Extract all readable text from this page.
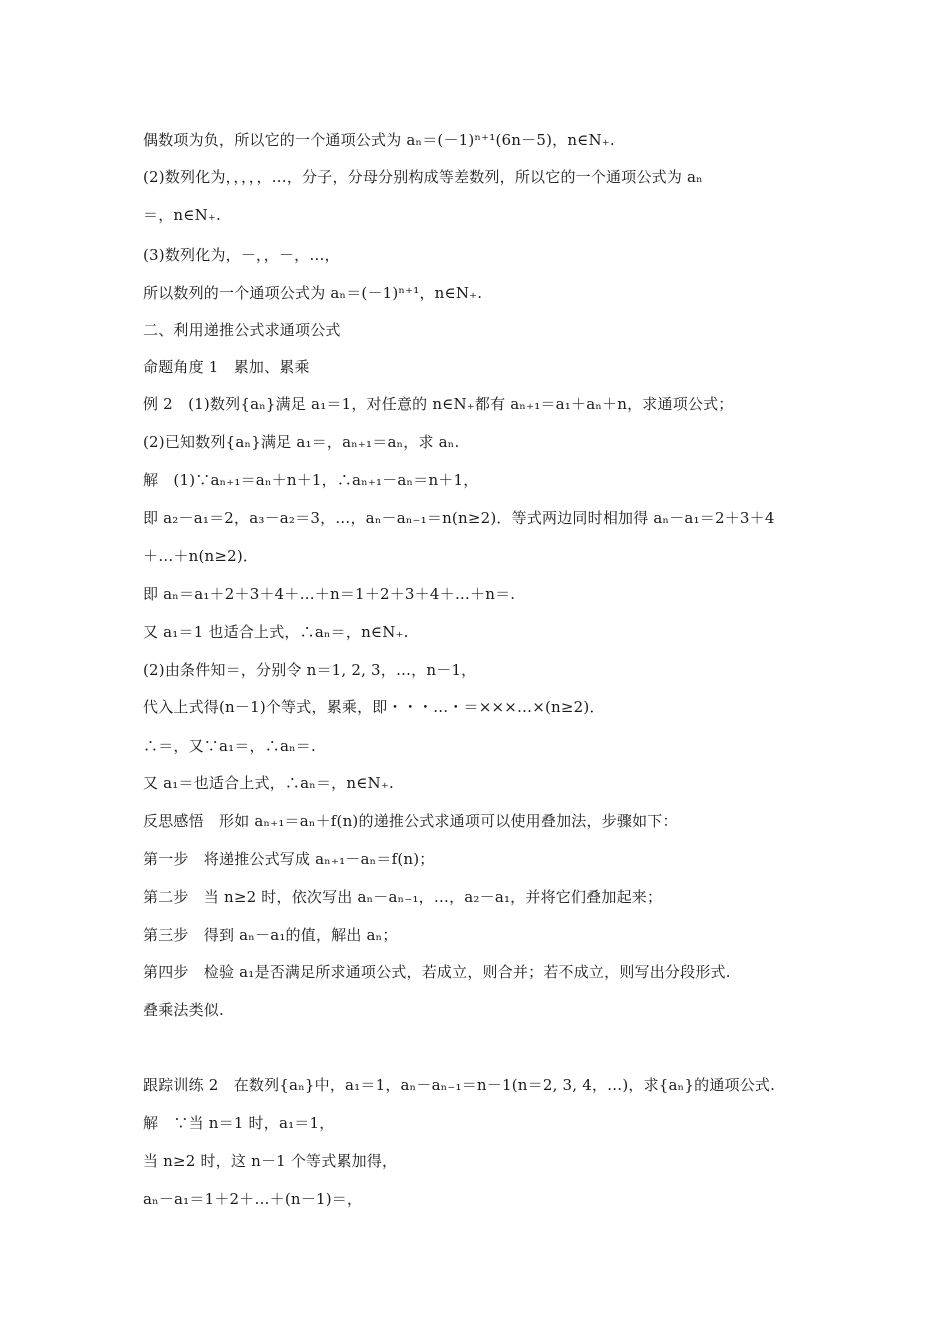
偶数项为负，所以它的一个通项公式为 aₙ＝(－1)ⁿ⁺¹(6n－5)，n∈N₊.
(2)数列化为，，，，，…，分子，分母分别构成等差数列，所以它的一个通项公式为 aₙ
＝，n∈N₊.
(3)数列化为，－，，－，…，
所以数列的一个通项公式为 aₙ＝(－1)ⁿ⁺¹，n∈N₊.
二、利用递推公式求通项公式
命题角度 1　累加、累乘
例 2　(1)数列{aₙ}满足 a₁＝1，对任意的 n∈N₊都有 aₙ₊₁＝a₁＋aₙ＋n，求通项公式；
(2)已知数列{aₙ}满足 a₁＝，aₙ₊₁＝aₙ，求 aₙ.
解　(1)∵aₙ₊₁＝aₙ＋n＋1，∴aₙ₊₁－aₙ＝n＋1，
即 a₂－a₁＝2，a₃－a₂＝3，…，aₙ－aₙ₋₁＝n(n≥2)．等式两边同时相加得 aₙ－a₁＝2＋3＋4
＋…＋n(n≥2)．
即 aₙ＝a₁＋2＋3＋4＋…＋n＝1＋2＋3＋4＋…＋n＝.
又 a₁＝1 也适合上式，∴aₙ＝，n∈N₊.
(2)由条件知＝，分别令 n＝1, 2, 3，…，n－1，
代入上式得(n－1)个等式，累乘，即・・・…・＝×××…×(n≥2)．
∴＝，又∵a₁＝，∴aₙ＝.
又 a₁＝也适合上式，∴aₙ＝，n∈N₊.
反思感悟　形如 aₙ₊₁＝aₙ＋f(n)的递推公式求通项可以使用叠加法，步骤如下：
第一步　将递推公式写成 aₙ₊₁－aₙ＝f(n)；
第二步　当 n≥2 时，依次写出 aₙ－aₙ₋₁，…，a₂－a₁，并将它们叠加起来；
第三步　得到 aₙ－a₁的值，解出 aₙ；
第四步　检验 a₁是否满足所求通项公式，若成立，则合并；若不成立，则写出分段形式.
叠乘法类似.
跟踪训练 2　在数列{aₙ}中，a₁＝1，aₙ－aₙ₋₁＝n－1(n＝2, 3, 4，…)，求{aₙ}的通项公式.
解　∵当 n＝1 时，a₁＝1，
当 n≥2 时，这 n－1 个等式累加得，
aₙ－a₁＝1＋2＋…＋(n－1)＝，
